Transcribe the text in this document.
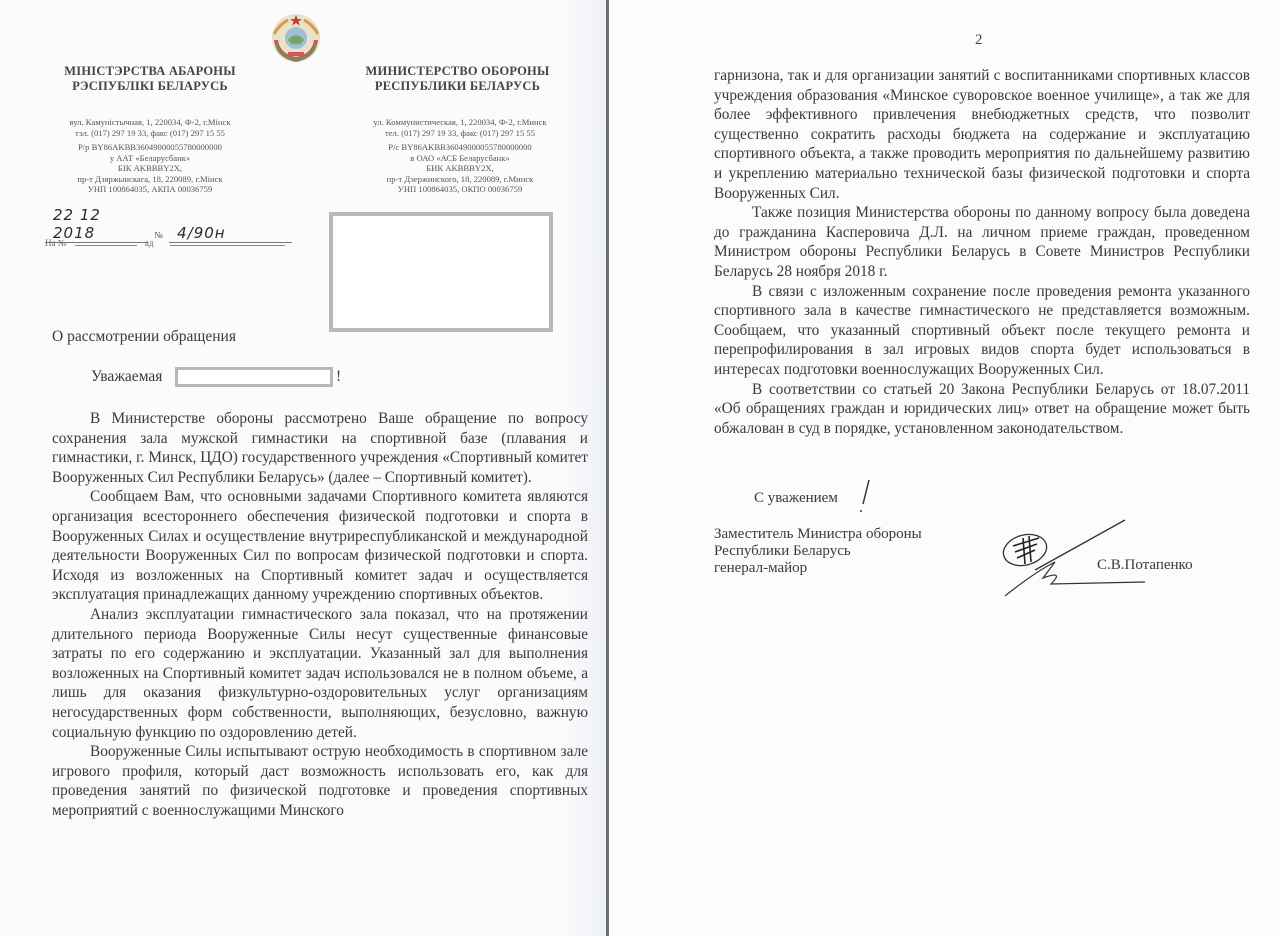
МІНІСТЭРСТВА АБАРОНЫ
РЭСПУБЛІКІ БЕЛАРУСЬ
МИНИСТЕРСТВО ОБОРОНЫ
РЕСПУБЛИКИ БЕЛАРУСЬ

вул. Камуністычная, 1, 220034, Ф-2, г.Мінск

тэл. (017) 297 19 33, факс (017) 297 15 55

Р/р BY86AKBB36049000055780000000

у ААТ «Беларусбанк»

БІК AKBBBY2X,

пр-т Дзяржынскага, 18, 220089, г.Мінск

УНП 100864035, АКПА 00036759

ул. Коммунистическая, 1, 220034, Ф-2, г.Минск

тел. (017) 297 19 33, факс (017) 297 15 55

Р/с BY86AKBB36049000055780000000

в ОАО «АСБ Беларусбанк»

БИК AKBBBY2X,

пр-т Дзержинского, 18, 220089, г.Минск

УНП 100864035, ОКПО 00036759

22 12 2018	№ 4/90н
На №	ад
О рассмотрении обращения
Уважаемая	!

В Министерстве обороны рассмотрено Ваше обращение по вопросу сохранения зала мужской гимнастики на спортивной базе (плавания и гимнастики, г. Минск, ЦДО) государственного учреждения «Спортивный комитет Вооруженных Сил Республики Беларусь» (далее – Спортивный комитет).

Сообщаем Вам, что основными задачами Спортивного комитета являются организация всестороннего обеспечения физической подготовки и спорта в Вооруженных Силах и осуществление внутриреспубликанской и международной деятельности Вооруженных Сил по вопросам физической подготовки и спорта. Исходя из возложенных на Спортивный комитет задач и осуществляется эксплуатация принадлежащих данному учреждению спортивных объектов.

Анализ эксплуатации гимнастического зала показал, что на протяжении длительного периода Вооруженные Силы несут существенные финансовые затраты по его содержанию и эксплуатации. Указанный зал для выполнения возложенных на Спортивный комитет задач использовался не в полном объеме, а лишь для оказания физкультурно-оздоровительных услуг организациям негосударственных форм собственности, выполняющих, безусловно, важную социальную функцию по оздоровлению детей.

Вооруженные Силы испытывают острую необходимость в спортивном зале игрового профиля, который даст возможность использовать его, как для проведения занятий по физической подготовке и проведения спортивных мероприятий с военнослужащими Минского

2

гарнизона, так и для организации занятий с воспитанниками спортивных классов учреждения образования «Минское суворовское военное училище», а так же для более эффективного привлечения внебюджетных средств, что позволит существенно сократить расходы бюджета на содержание и эксплуатацию спортивного объекта, а также проводить мероприятия по дальнейшему развитию и укреплению материально технической базы физической подготовки и спорта Вооруженных Сил.

Также позиция Министерства обороны по данному вопросу была доведена до гражданина Касперовича Д.Л. на личном приеме граждан, проведенном Министром обороны Республики Беларусь в Совете Министров Республики Беларусь 28 ноября 2018 г.

В связи с изложенным сохранение после проведения ремонта указанного спортивного зала в качестве гимнастического не представляется возможным. Сообщаем, что указанный спортивный объект после текущего ремонта и перепрофилирования в зал игровых видов спорта будет использоваться в интересах подготовки военнослужащих Вооруженных Сил.

В соответствии со статьей 20 Закона Республики Беларусь от 18.07.2011 «Об обращениях граждан и юридических лиц» ответ на обращение может быть обжалован в суд в порядке, установленном законодательством.

С уважением

Заместитель Министра обороны

Республики Беларусь

генерал-майор	С.В.Потапенко
